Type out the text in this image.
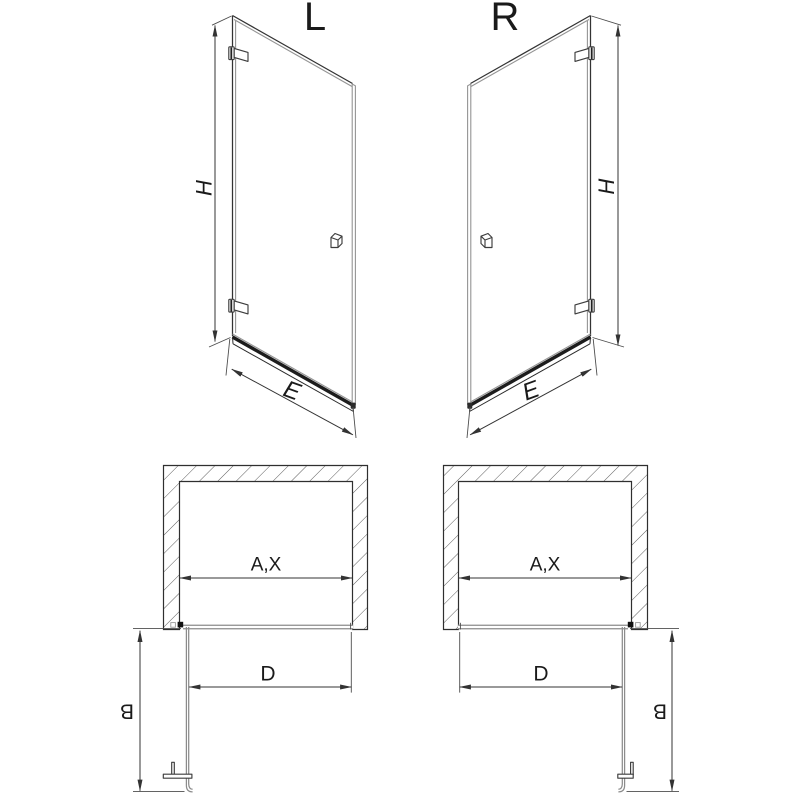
L
H
E
R
H
E
A,X
D
B
A,X
D
B
